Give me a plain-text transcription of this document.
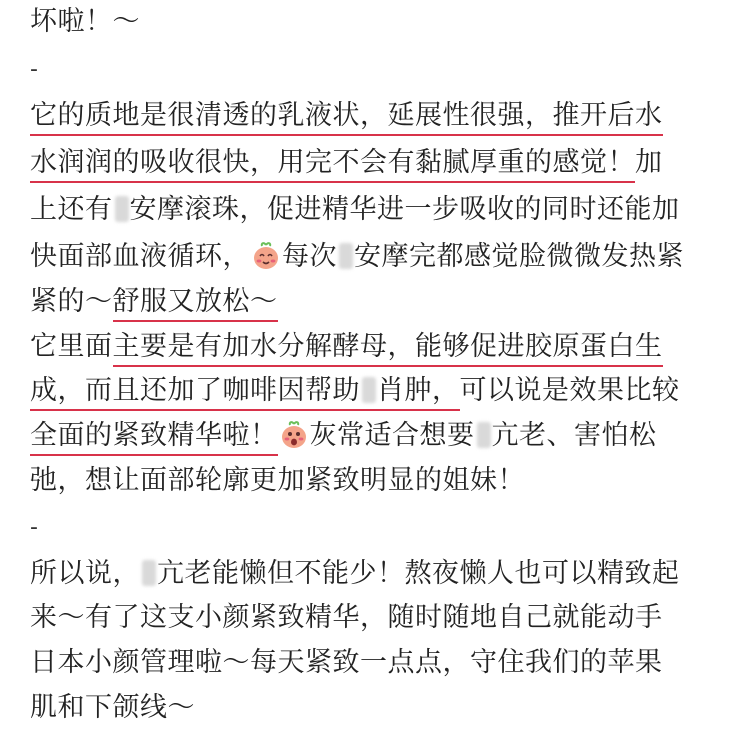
坏啦！～
-
它的质地是很清透的乳液状，延展性很强，推开后水
水润润的吸收很快，用完不会有黏腻厚重的感觉！加
上还有 安摩滚珠，促进精华进一步吸收的同时还能加
快面部血液循环， 每次 安摩完都感觉脸微微发热紧
紧的～舒服又放松～
它里面主要是有加水分解酵母，能够促进胶原蛋白生
成，而且还加了咖啡因帮助 肖肿，可以说是效果比较
全面的紧致精华啦！ 灰常适合想要 亢老、害怕松
弛，想让面部轮廓更加紧致明显的姐妹！
-
所以说， 亢老能懒但不能少！熬夜懒人也可以精致起
来～有了这支小颜紧致精华，随时随地自己就能动手
日本小颜管理啦～每天紧致一点点，守住我们的苹果
肌和下颌线～
